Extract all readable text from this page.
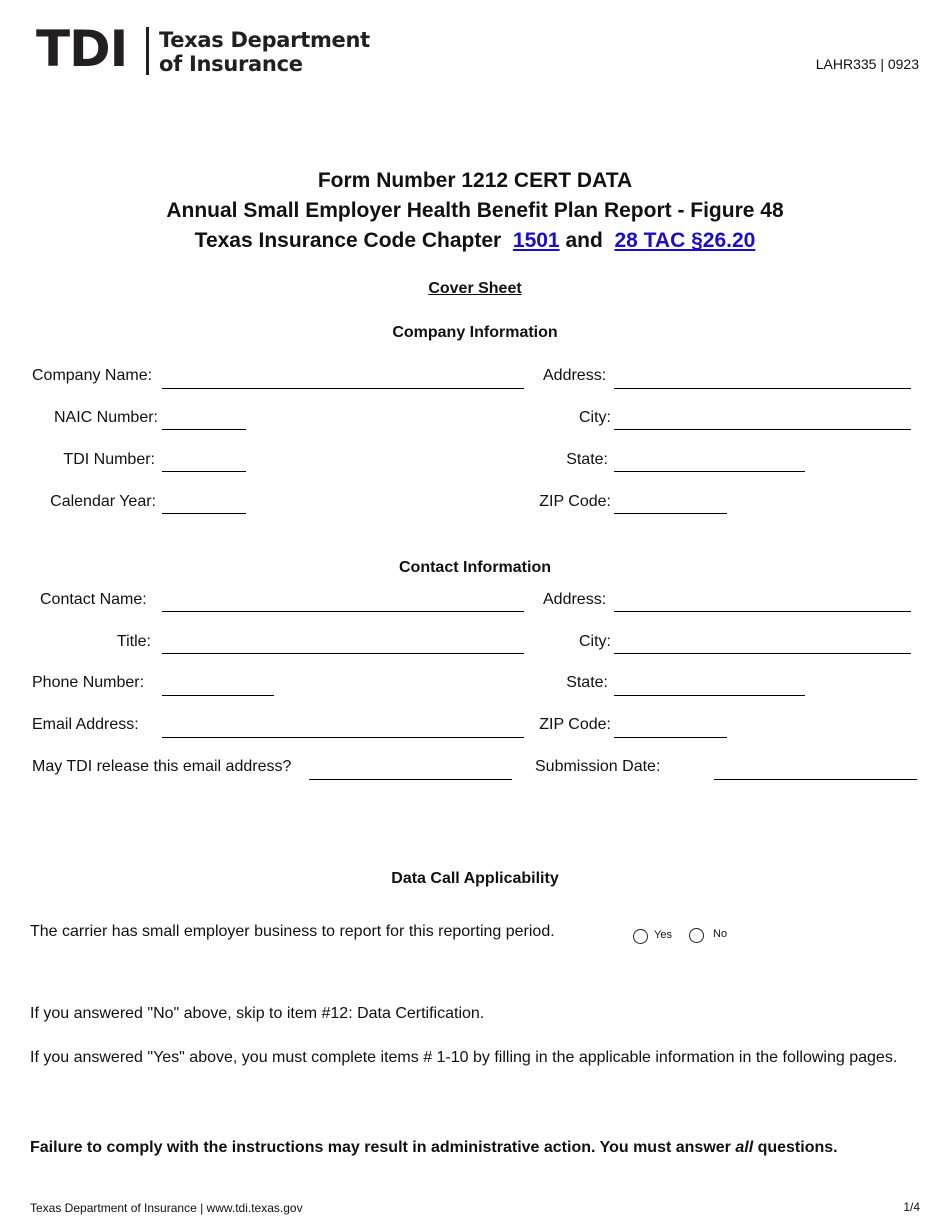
TDI Texas Department
of Insurance	LAHR335 | 0923
Form Number 1212 CERT DATA
Annual Small Employer Health Benefit Plan Report - Figure 48
Texas Insurance Code Chapter 1501 and 28 TAC §26.20
Cover Sheet
Company Information
Company Name:	Address:
NAIC Number:	City:
TDI Number:	State:
Calendar Year:	ZIP Code:
Contact Information
Contact Name:	Address:
Title:	City:
Phone Number:	State:
Email Address:	ZIP Code:
May TDI release this email address?	Submission Date:
Data Call Applicability
The carrier has small employer business to report for this reporting period.	Yes	No
If you answered "No" above, skip to item #12: Data Certification.
If you answered "Yes" above, you must complete items # 1-10 by filling in the applicable information in the following pages.
Failure to comply with the instructions may result in administrative action. You must answer all questions.
Texas Department of Insurance | www.tdi.texas.gov	1/4
